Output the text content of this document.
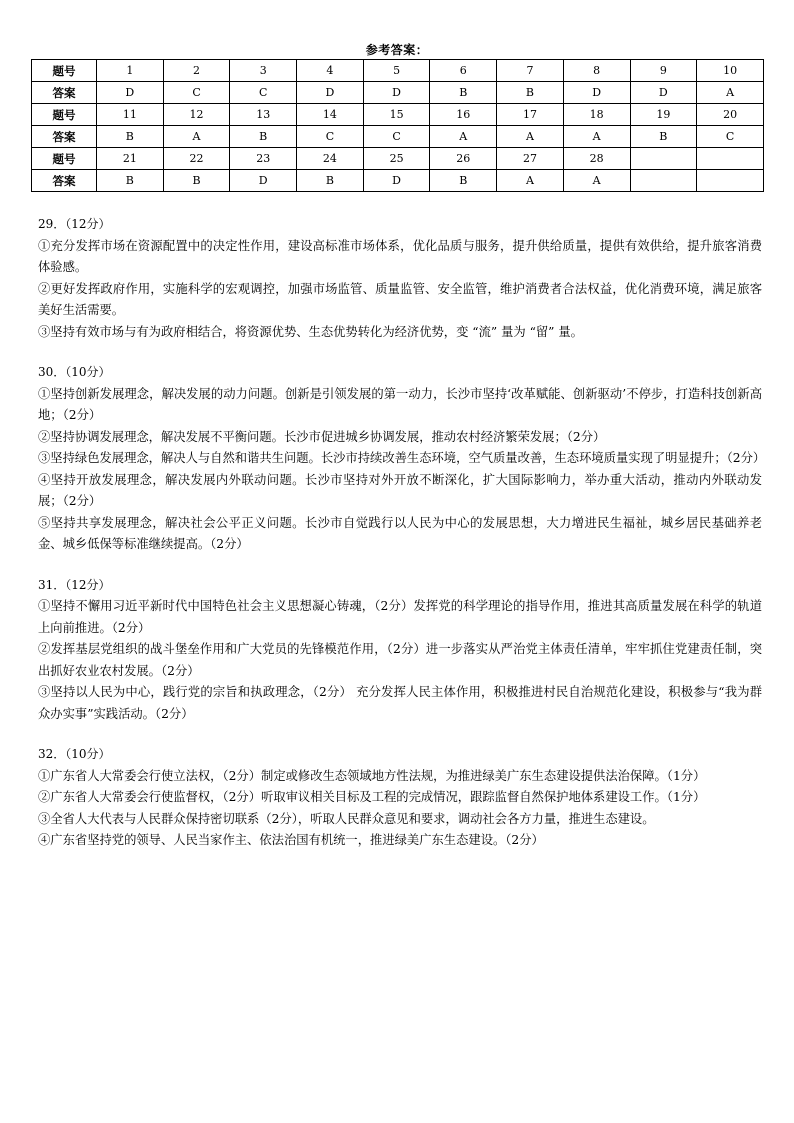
参考答案：
题号	1	2	3	4	5	6	7	8	9	10
答案	D	C	C	D	D	B	B	D	D	A
题号	11	12	13	14	15	16	17	18	19	20
答案	B	A	B	C	C	A	A	A	B	C
题号	21	22	23	24	25	26	27	28		
答案	B	B	D	B	D	B	A	A		
29．（12分）
①充分发挥市场在资源配置中的决定性作用，建设高标准市场体系，优化品质与服务，提升供给质量，提供有效供给，提升旅客消费体验感。
②更好发挥政府作用，实施科学的宏观调控，加强市场监管、质量监管、安全监管，维护消费者合法权益，优化消费环境，满足旅客美好生活需要。
③坚持有效市场与有为政府相结合，将资源优势、生态优势转化为经济优势，变 “流” 量为 “留” 量。
30．（10分）
①坚持创新发展理念，解决发展的动力问题。创新是引领发展的第一动力，长沙市坚持‘改革赋能、创新驱动’不停步，打造科技创新高地；（2分）
②坚持协调发展理念，解决发展不平衡问题。长沙市促进城乡协调发展，推动农村经济繁荣发展；（2分）
③坚持绿色发展理念，解决人与自然和谐共生问题。长沙市持续改善生态环境，空气质量改善，生态环境质量实现了明显提升；（2分）
④坚持开放发展理念，解决发展内外联动问题。长沙市坚持对外开放不断深化，扩大国际影响力，举办重大活动，推动内外联动发展；（2分）
⑤坚持共享发展理念，解决社会公平正义问题。长沙市自觉践行以人民为中心的发展思想，大力增进民生福祉，城乡居民基础养老金、城乡低保等标准继续提高。（2分）
31．（12分）
①坚持不懈用习近平新时代中国特色社会主义思想凝心铸魂，（2分）发挥党的科学理论的指导作用，推进其高质量发展在科学的轨道上向前推进。（2分）
②发挥基层党组织的战斗堡垒作用和广大党员的先锋模范作用，（2分）进一步落实从严治党主体责任清单，牢牢抓住党建责任制，突出抓好农业农村发展。（2分）
③坚持以人民为中心，践行党的宗旨和执政理念，（2分） 充分发挥人民主体作用，积极推进村民自治规范化建设，积极参与“我为群众办实事”实践活动。（2分）
32．（10分）
①广东省人大常委会行使立法权，（2分）制定或修改生态领域地方性法规，为推进绿美广东生态建设提供法治保障。（1分）
②广东省人大常委会行使监督权，（2分）听取审议相关目标及工程的完成情况，跟踪监督自然保护地体系建设工作。（1分）
③全省人大代表与人民群众保持密切联系（2分），听取人民群众意见和要求，调动社会各方力量，推进生态建设。
④广东省坚持党的领导、人民当家作主、依法治国有机统一，推进绿美广东生态建设。（2分）
